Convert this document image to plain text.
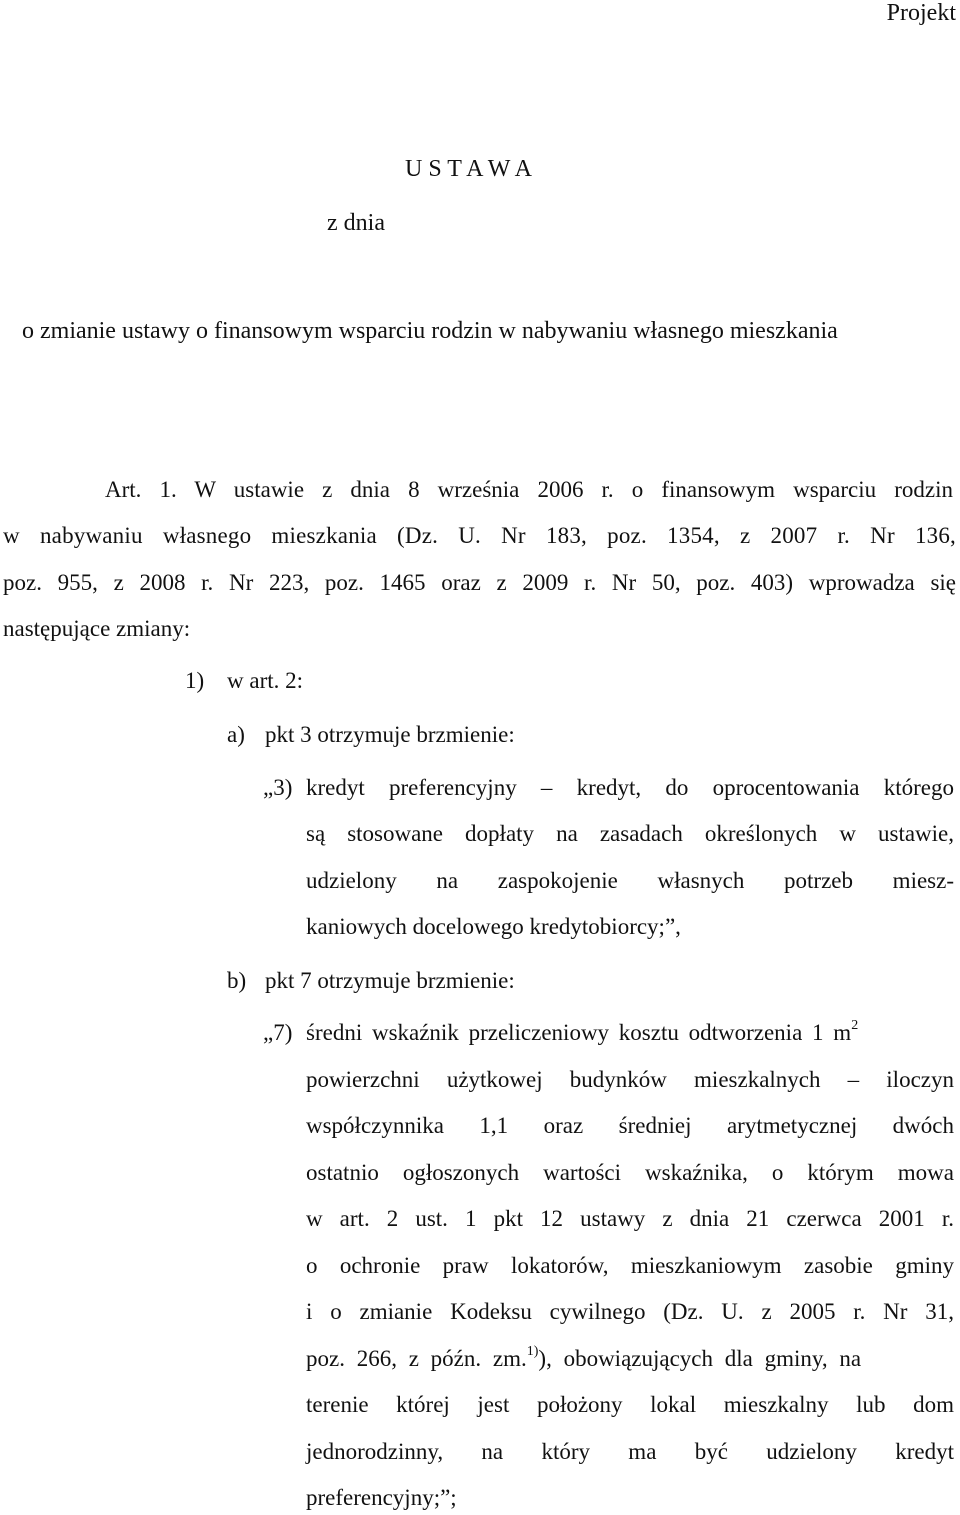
Projekt
U S T A W A
z dnia
o zmianie ustawy o finansowym wsparciu rodzin w nabywaniu własnego mieszkania
Art. 1. W ustawie z dnia 8 września 2006 r. o finansowym wsparciu rodzin
w nabywaniu własnego mieszkania (Dz. U. Nr 183, poz. 1354, z 2007 r. Nr 136,
poz. 955, z 2008 r. Nr 223, poz. 1465 oraz z 2009 r. Nr 50, poz. 403) wprowadza się
następujące zmiany:
1) w art. 2:
a) pkt 3 otrzymuje brzmienie:
„3) kredyt preferencyjny – kredyt, do oprocentowania którego
są stosowane dopłaty na zasadach określonych w ustawie,
udzielony na zaspokojenie własnych potrzeb miesz-
kaniowych docelowego kredytobiorcy;”,
b) pkt 7 otrzymuje brzmienie:
„7) średni wskaźnik przeliczeniowy kosztu odtworzenia 1 $m^2$
powierzchni użytkowej budynków mieszkalnych – iloczyn
współczynnika 1,1 oraz średniej arytmetycznej dwóch
ostatnio ogłoszonych wartości wskaźnika, o którym mowa
w art. 2 ust. 1 pkt 12 ustawy z dnia 21 czerwca 2001 r.
o ochronie praw lokatorów, mieszkaniowym zasobie gminy
i o zmianie Kodeksu cywilnego (Dz. U. z 2005 r. Nr 31,
poz. 266, z późn. zm.$^{1)}$), obowiązujących dla gminy, na
terenie której jest położony lokal mieszkalny lub dom
jednorodzinny, na który ma być udzielony kredyt
preferencyjny;”;
